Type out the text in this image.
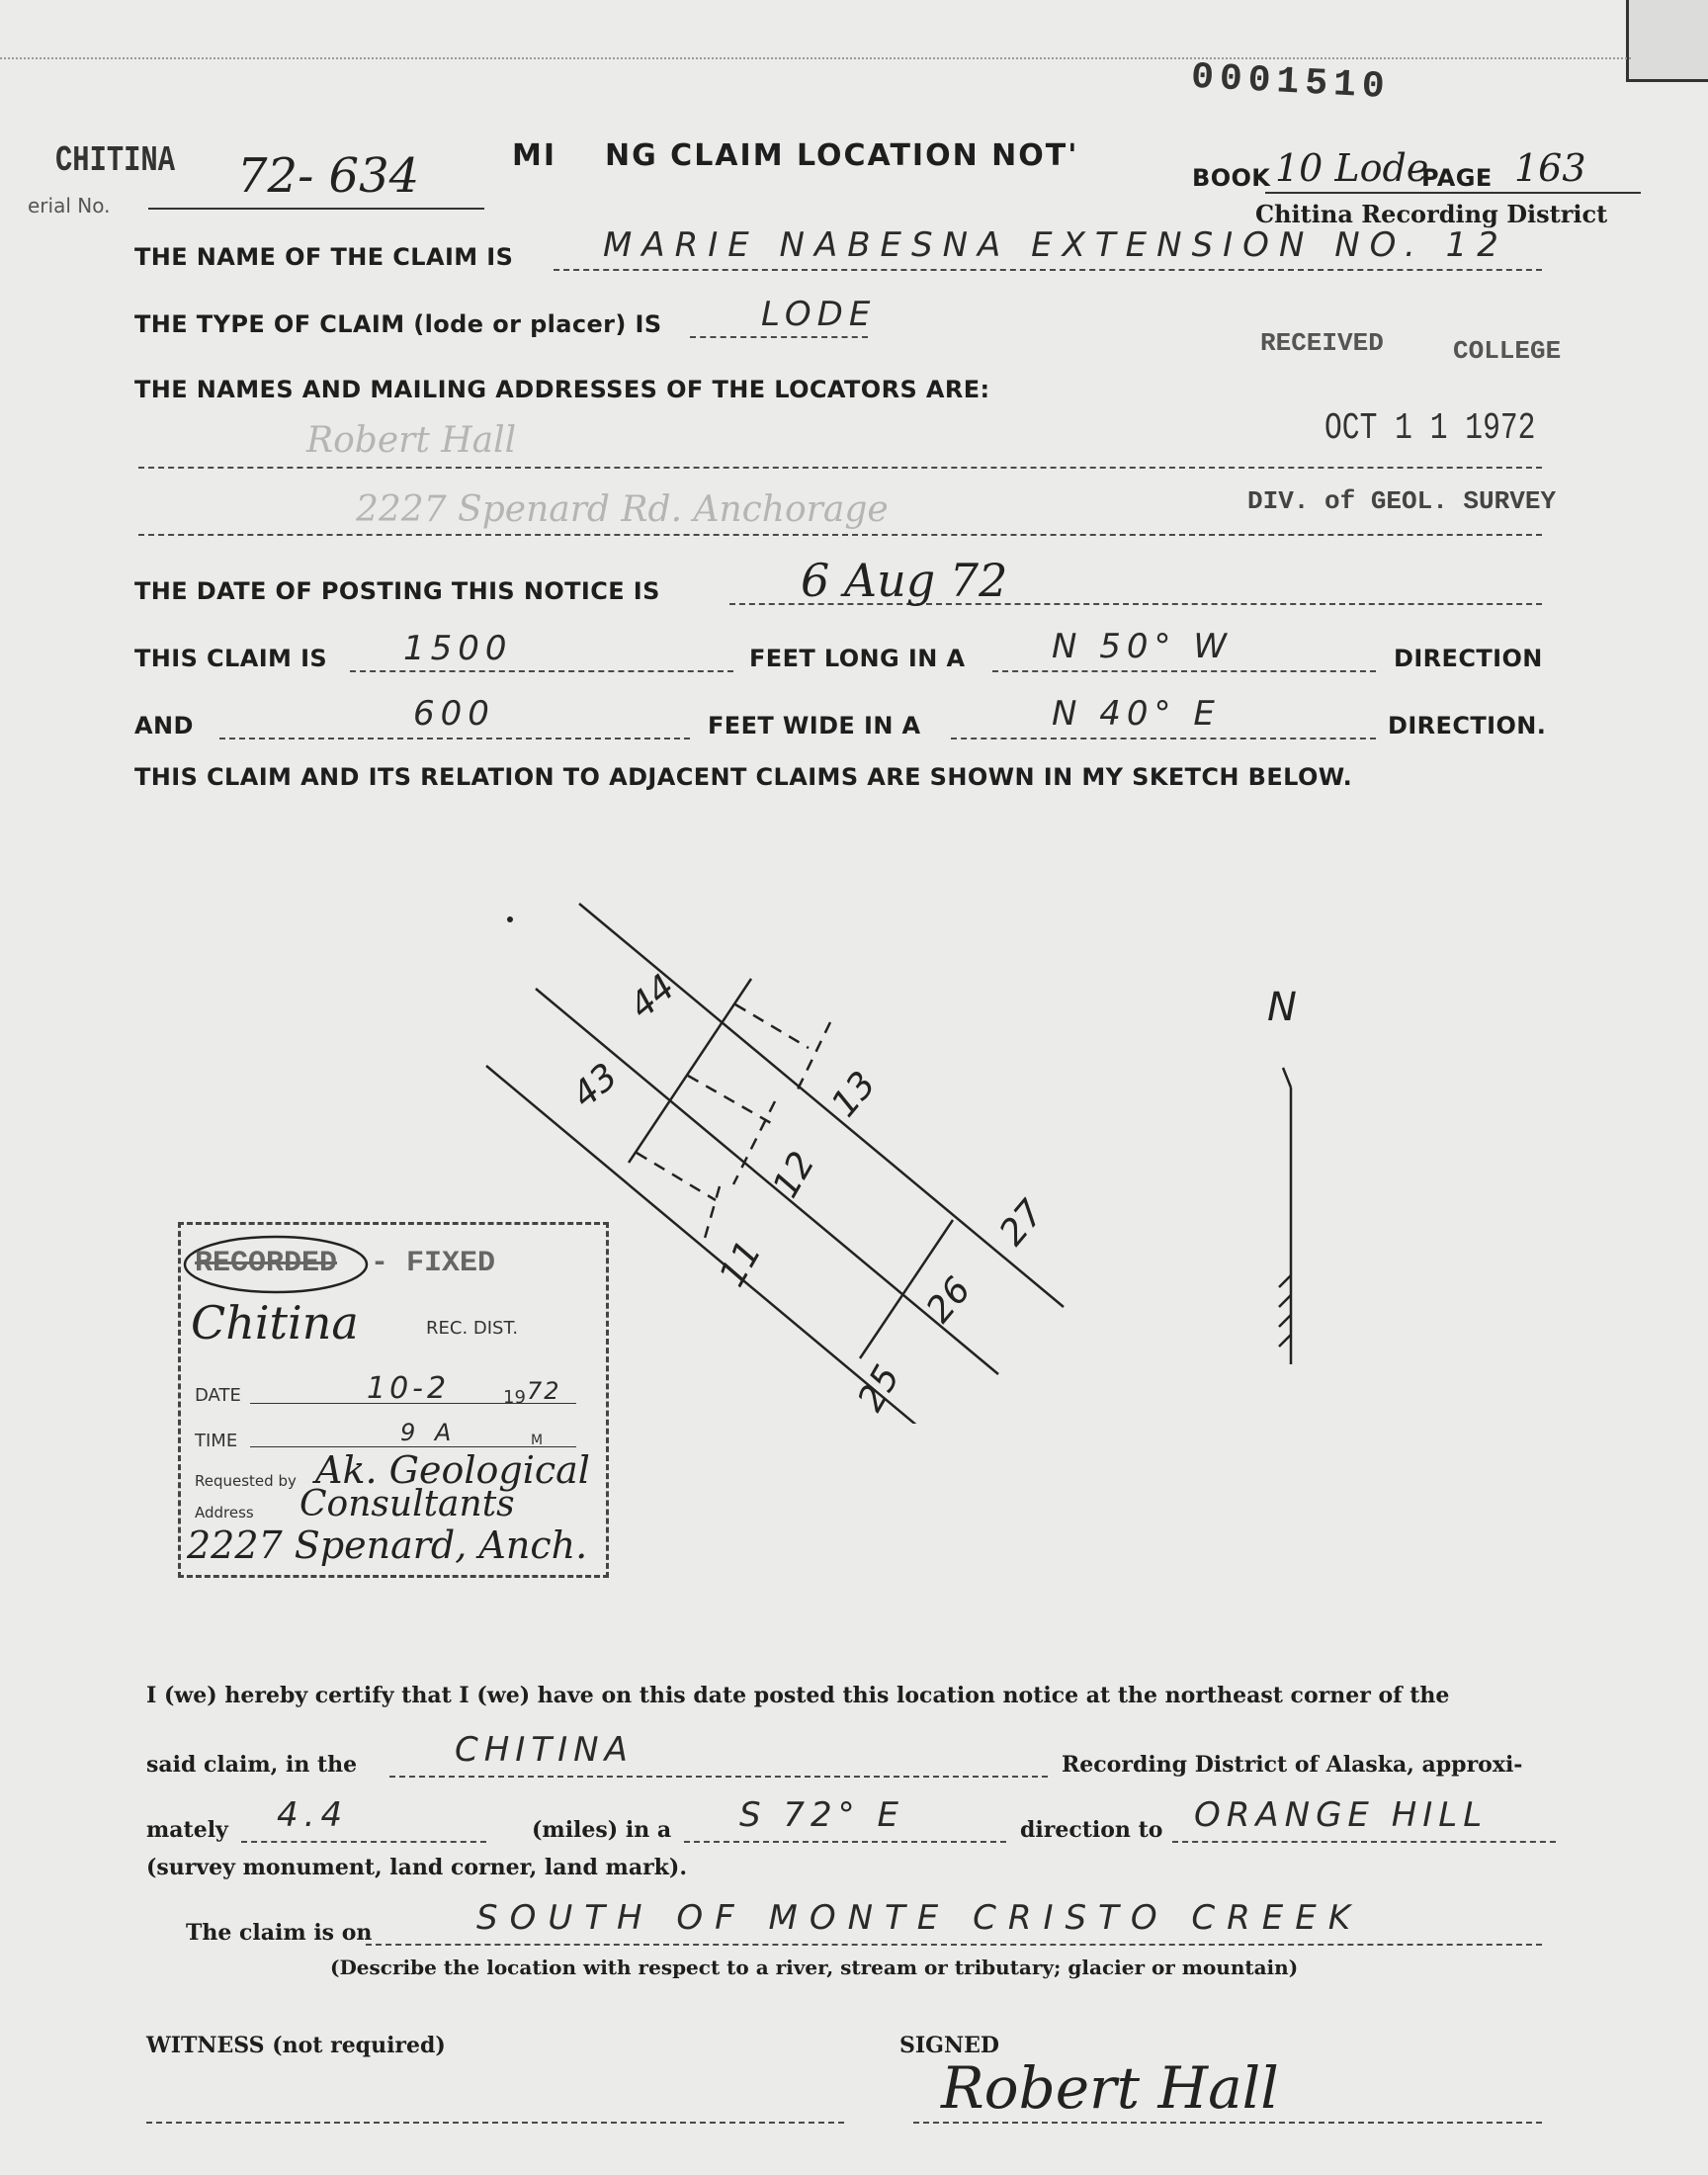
0001510
CHITINA
erial No.
72- 634	MI NG CLAIM LOCATION NOT'
BOOK 10 Lode
PAGE 163
Chitina Recording District
RECEIVED	COLLEGE
OCT 1 1 1972
DIV. of GEOL. SURVEY
THE NAME OF THE CLAIM IS	MARIE NABESNA EXTENSION NO. 12
THE TYPE OF CLAIM (lode or placer) IS	LODE
THE NAMES AND MAILING ADDRESSES OF THE LOCATORS ARE:
Robert Hall
2227 Spenard Rd. Anchorage
THE DATE OF POSTING THIS NOTICE IS	6 Aug 72
THIS CLAIM IS 1500	FEET LONG IN A	N 50° W	DIRECTION
AND	600	FEET WIDE IN A	N 40° E	DIRECTION.
THIS CLAIM AND ITS RELATION TO ADJACENT CLAIMS ARE SHOWN IN MY SKETCH BELOW.
44
43	13
12
11
27
26
25
N
RECORDED - FIXED
Chitina	REC. DIST.
DATE	10-2	19 72
TIME	9 A	M
Requested by Ak. Geological
Address Consultants
2227 Spenard, Anch.
I (we) hereby certify that I (we) have on this date posted this location notice at the northeast corner of the
said claim, in the	CHITINA	Recording District of Alaska, approxi-
mately 4.4	(miles) in a S 72° E	direction to ORANGE HILL
(survey monument, land corner, land mark).
The claim is on	SOUTH OF MONTE CRISTO CREEK
(Describe the location with respect to a river, stream or tributary; glacier or mountain)
WITNESS (not required)	SIGNED
Robert Hall
